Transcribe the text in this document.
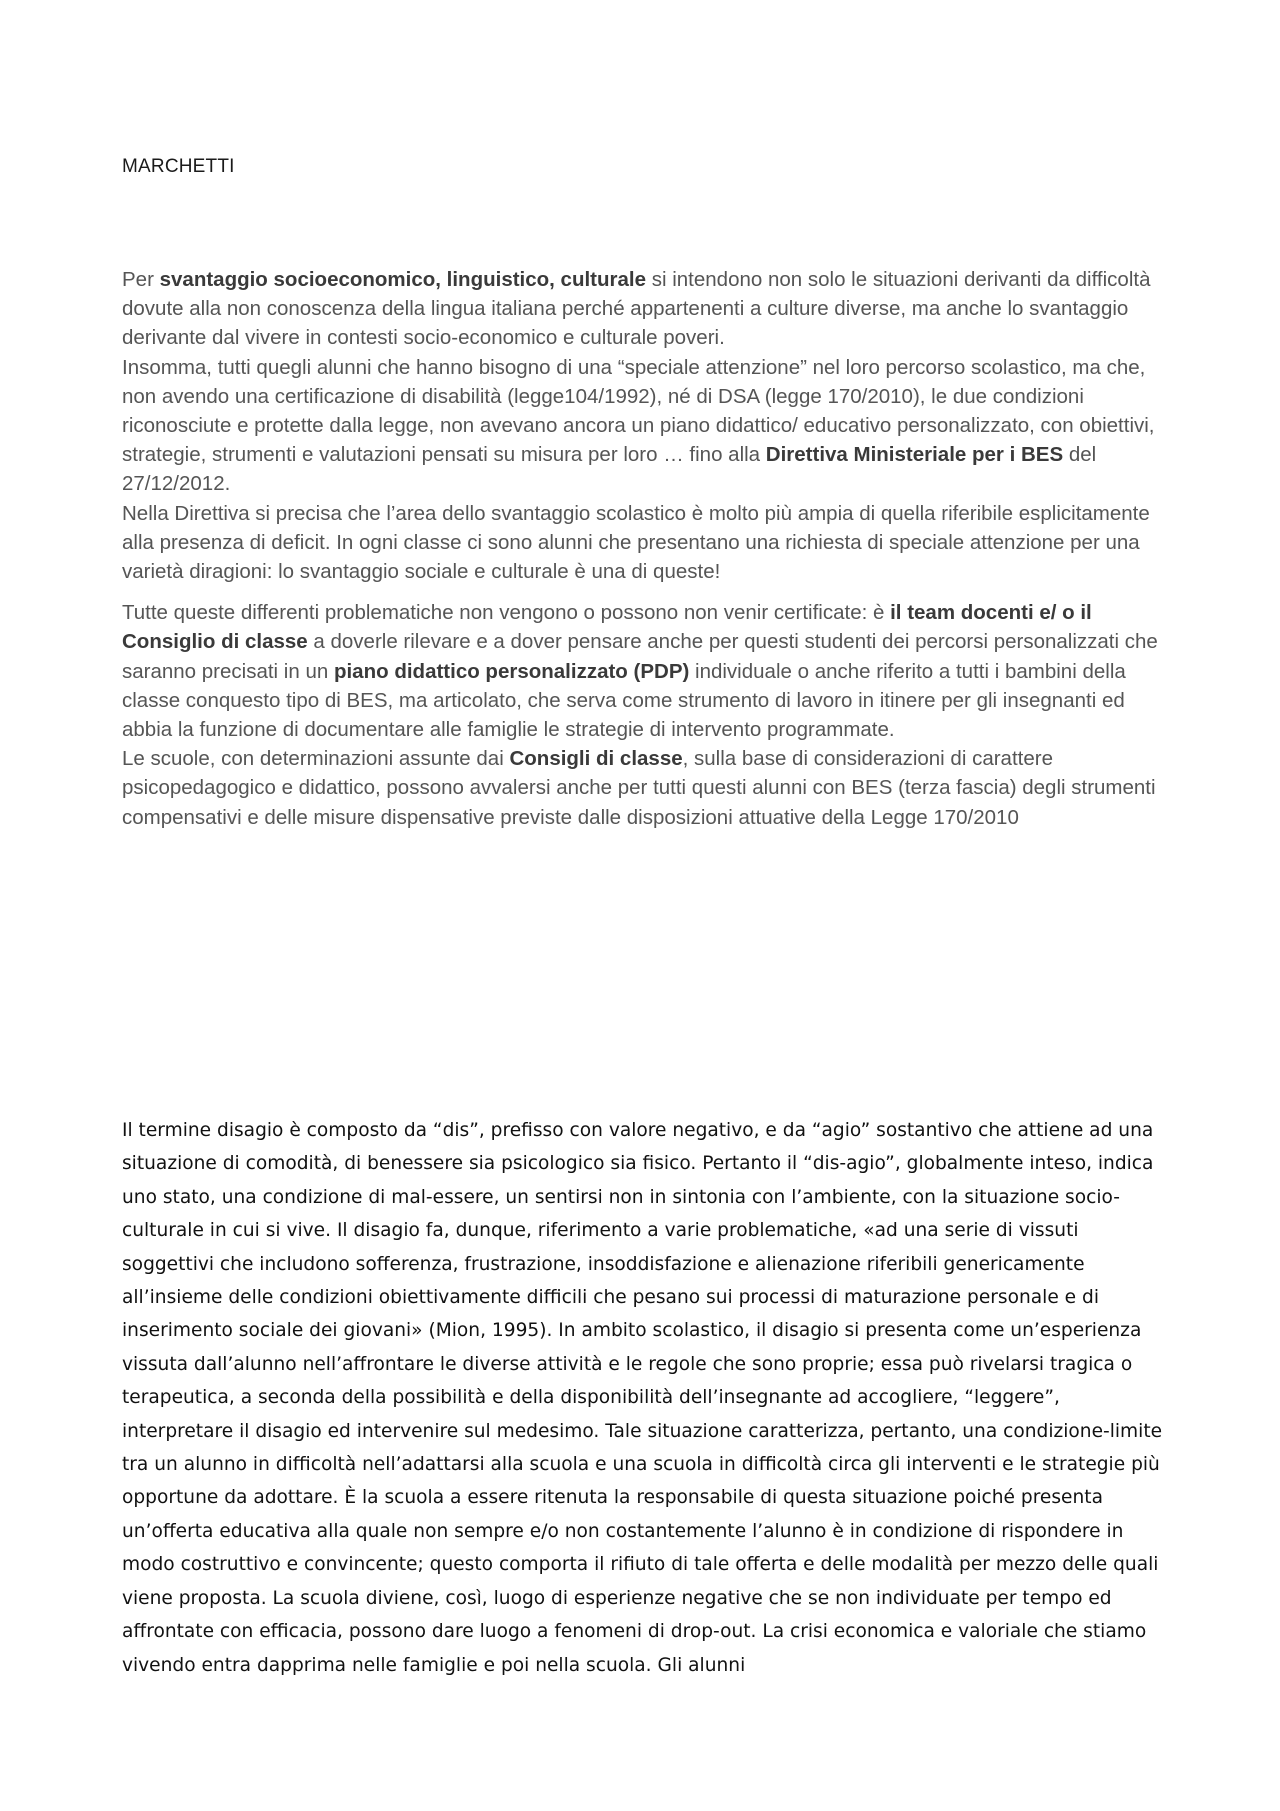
MARCHETTI

Per svantaggio socioeconomico, linguistico, culturale si intendono non solo le situazioni derivanti da difficoltà dovute alla non conoscenza della lingua italiana perché appartenenti a culture diverse, ma anche lo svantaggio derivante dal vivere in contesti socio-economico e culturale poveri.

Insomma, tutti quegli alunni che hanno bisogno di una “speciale attenzione” nel loro percorso scolastico, ma che, non avendo una certificazione di disabilità (legge104/1992), né di DSA (legge 170/2010), le due condizioni riconosciute e protette dalla legge, non avevano ancora un piano didattico/ educativo personalizzato, con obiettivi, strategie, strumenti e valutazioni pensati su misura per loro … fino alla Direttiva Ministeriale per i BES del 27/12/2012.

Nella Direttiva si precisa che l’area dello svantaggio scolastico è molto più ampia di quella riferibile esplicitamente alla presenza di deficit. In ogni classe ci sono alunni che presentano una richiesta di speciale attenzione per una varietà diragioni: lo svantaggio sociale e culturale è una di queste!

Tutte queste differenti problematiche non vengono o possono non venir certificate: è il team docenti e/ o il Consiglio di classe a doverle rilevare e a dover pensare anche per questi studenti dei percorsi personalizzati che saranno precisati in un piano didattico personalizzato (PDP) individuale o anche riferito a tutti i bambini della classe conquesto tipo di BES, ma articolato, che serva come strumento di lavoro in itinere per gli insegnanti ed abbia la funzione di documentare alle famiglie le strategie di intervento programmate.

Le scuole, con determinazioni assunte dai Consigli di classe, sulla base di considerazioni di carattere psicopedagogico e didattico, possono avvalersi anche per tutti questi alunni con BES (terza fascia) degli strumenti compensativi e delle misure dispensative previste dalle disposizioni attuative della Legge 170/2010

Il termine disagio è composto da “dis”, prefisso con valore negativo, e da “agio” sostantivo che attiene ad una situazione di comodità, di benessere sia psicologico sia fisico. Pertanto il “dis-agio”, globalmente inteso, indica uno stato, una condizione di mal-essere, un sentirsi non in sintonia con l’ambiente, con la situazione socio-culturale in cui si vive. Il disagio fa, dunque, riferimento a varie problematiche, «ad una serie di vissuti soggettivi che includono sofferenza, frustrazione, insoddisfazione e alienazione riferibili genericamente all’insieme delle condizioni obiettivamente difficili che pesano sui processi di maturazione personale e di inserimento sociale dei giovani» (Mion, 1995). In ambito scolastico, il disagio si presenta come un’esperienza vissuta dall’alunno nell’affrontare le diverse attività e le regole che sono proprie; essa può rivelarsi tragica o terapeutica, a seconda della possibilità e della disponibilità dell’insegnante ad accogliere, “leggere”, interpretare il disagio ed intervenire sul medesimo. Tale situazione caratterizza, pertanto, una condizione-limite tra un alunno in difficoltà nell’adattarsi alla scuola e una scuola in difficoltà circa gli interventi e le strategie più opportune da adottare. È la scuola a essere ritenuta la responsabile di questa situazione poiché presenta un’offerta educativa alla quale non sempre e/o non costantemente l’alunno è in condizione di rispondere in modo costruttivo e convincente; questo comporta il rifiuto di tale offerta e delle modalità per mezzo delle quali viene proposta. La scuola diviene, così, luogo di esperienze negative che se non individuate per tempo ed affrontate con efficacia, possono dare luogo a fenomeni di drop-out. La crisi economica e valoriale che stiamo vivendo entra dapprima nelle famiglie e poi nella scuola. Gli alunni
